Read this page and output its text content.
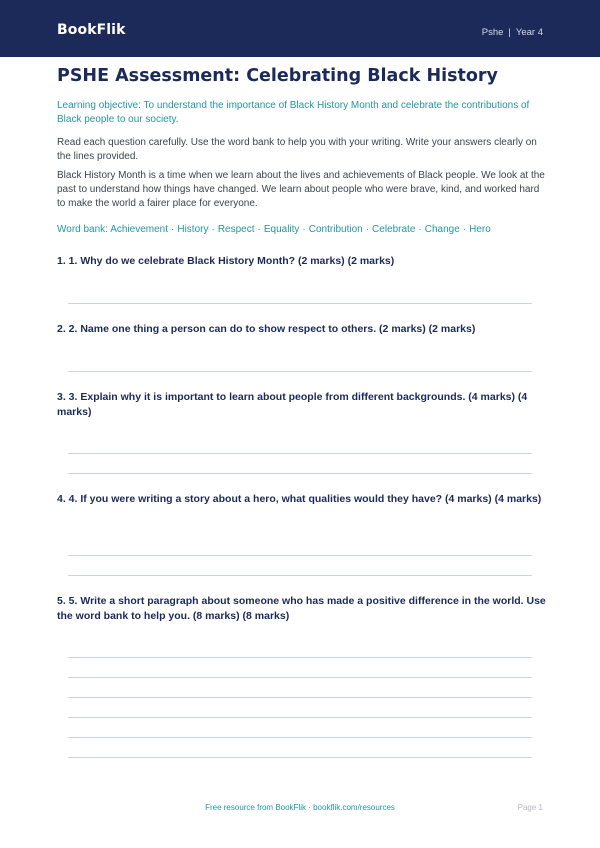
BookFlik	Pshe | Year 4
PSHE Assessment: Celebrating Black History
Learning objective: To understand the importance of Black History Month and celebrate the contributions of Black people to our society.
Read each question carefully. Use the word bank to help you with your writing. Write your answers clearly on the lines provided.
Black History Month is a time when we learn about the lives and achievements of Black people. We look at the past to understand how things have changed. We learn about people who were brave, kind, and worked hard to make the world a fairer place for everyone.
Word bank: Achievement · History · Respect · Equality · Contribution · Celebrate · Change · Hero
1. 1. Why do we celebrate Black History Month? (2 marks) (2 marks)
2. 2. Name one thing a person can do to show respect to others. (2 marks) (2 marks)
3. 3. Explain why it is important to learn about people from different backgrounds. (4 marks) (4 marks)
4. 4. If you were writing a story about a hero, what qualities would they have? (4 marks) (4 marks)
5. 5. Write a short paragraph about someone who has made a positive difference in the world. Use the word bank to help you. (8 marks) (8 marks)
Free resource from BookFlik · bookflik.com/resources	Page 1
